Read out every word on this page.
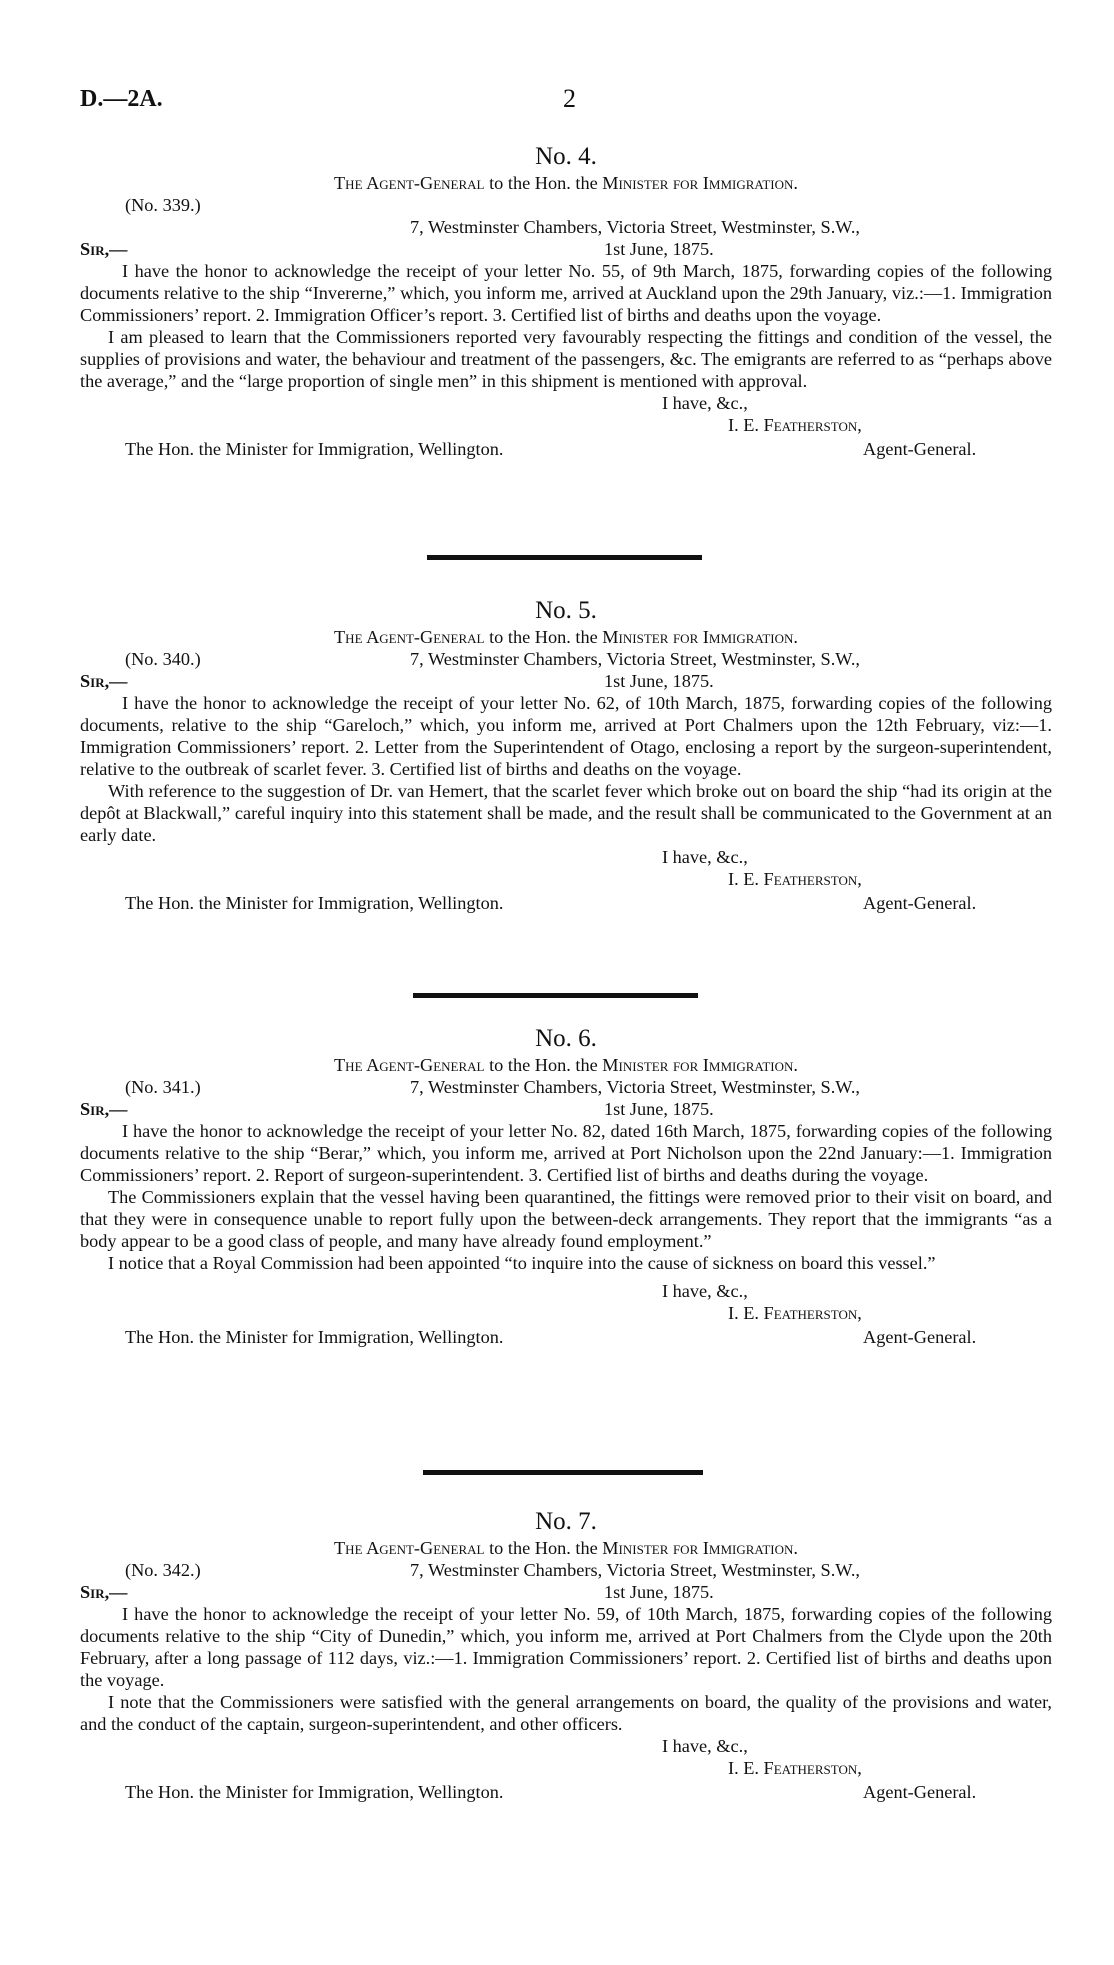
D.—2A.	2
No. 4.
The Agent-General to the Hon. the Minister for Immigration.
(No. 339.)
7, Westminster Chambers, Victoria Street, Westminster, S.W.,
Sir,—	1st June, 1875.

I have the honor to acknowledge the receipt of your letter No. 55, of 9th March, 1875, forwarding copies of the following documents relative to the ship “Invererne,” which, you inform me, arrived at Auckland upon the 29th January, viz.:—1. Immigration Commissioners’ report. 2. Immigration Officer’s report. 3. Certified list of births and deaths upon the voyage.

I am pleased to learn that the Commissioners reported very favourably respecting the fittings and condition of the vessel, the supplies of provisions and water, the behaviour and treatment of the passengers, &c. The emigrants are referred to as “perhaps above the average,” and the “large proportion of single men” in this shipment is mentioned with approval.

I have, &c.,
I. E. Featherston,
The Hon. the Minister for Immigration, Wellington.	Agent-General.
No. 5.
The Agent-General to the Hon. the Minister for Immigration.
(No. 340.)	7, Westminster Chambers, Victoria Street, Westminster, S.W.,
Sir,—	1st June, 1875.

I have the honor to acknowledge the receipt of your letter No. 62, of 10th March, 1875, forwarding copies of the following documents, relative to the ship “Gareloch,” which, you inform me, arrived at Port Chalmers upon the 12th February, viz:—1. Immigration Commissioners’ report. 2. Letter from the Superintendent of Otago, enclosing a report by the surgeon-superintendent, relative to the outbreak of scarlet fever. 3. Certified list of births and deaths on the voyage.

With reference to the suggestion of Dr. van Hemert, that the scarlet fever which broke out on board the ship “had its origin at the depôt at Blackwall,” careful inquiry into this statement shall be made, and the result shall be communicated to the Government at an early date.

I have, &c.,
I. E. Featherston,
The Hon. the Minister for Immigration, Wellington.	Agent-General.
No. 6.
The Agent-General to the Hon. the Minister for Immigration.
(No. 341.)	7, Westminster Chambers, Victoria Street, Westminster, S.W.,
Sir,—	1st June, 1875.

I have the honor to acknowledge the receipt of your letter No. 82, dated 16th March, 1875, forwarding copies of the following documents relative to the ship “Berar,” which, you inform me, arrived at Port Nicholson upon the 22nd January:—1. Immigration Commissioners’ report. 2. Report of surgeon-superintendent. 3. Certified list of births and deaths during the voyage.

The Commissioners explain that the vessel having been quarantined, the fittings were removed prior to their visit on board, and that they were in consequence unable to report fully upon the between-deck arrangements. They report that the immigrants “as a body appear to be a good class of people, and many have already found employment.”

I notice that a Royal Commission had been appointed “to inquire into the cause of sickness on board this vessel.”

I have, &c.,
I. E. Featherston,
The Hon. the Minister for Immigration, Wellington.	Agent-General.
No. 7.
The Agent-General to the Hon. the Minister for Immigration.
(No. 342.)	7, Westminster Chambers, Victoria Street, Westminster, S.W.,
Sir,—	1st June, 1875.

I have the honor to acknowledge the receipt of your letter No. 59, of 10th March, 1875, forwarding copies of the following documents relative to the ship “City of Dunedin,” which, you inform me, arrived at Port Chalmers from the Clyde upon the 20th February, after a long passage of 112 days, viz.:—1. Immigration Commissioners’ report. 2. Certified list of births and deaths upon the voyage.

I note that the Commissioners were satisfied with the general arrangements on board, the quality of the provisions and water, and the conduct of the captain, surgeon-superintendent, and other officers.

I have, &c.,
I. E. Featherston,
The Hon. the Minister for Immigration, Wellington.	Agent-General.
